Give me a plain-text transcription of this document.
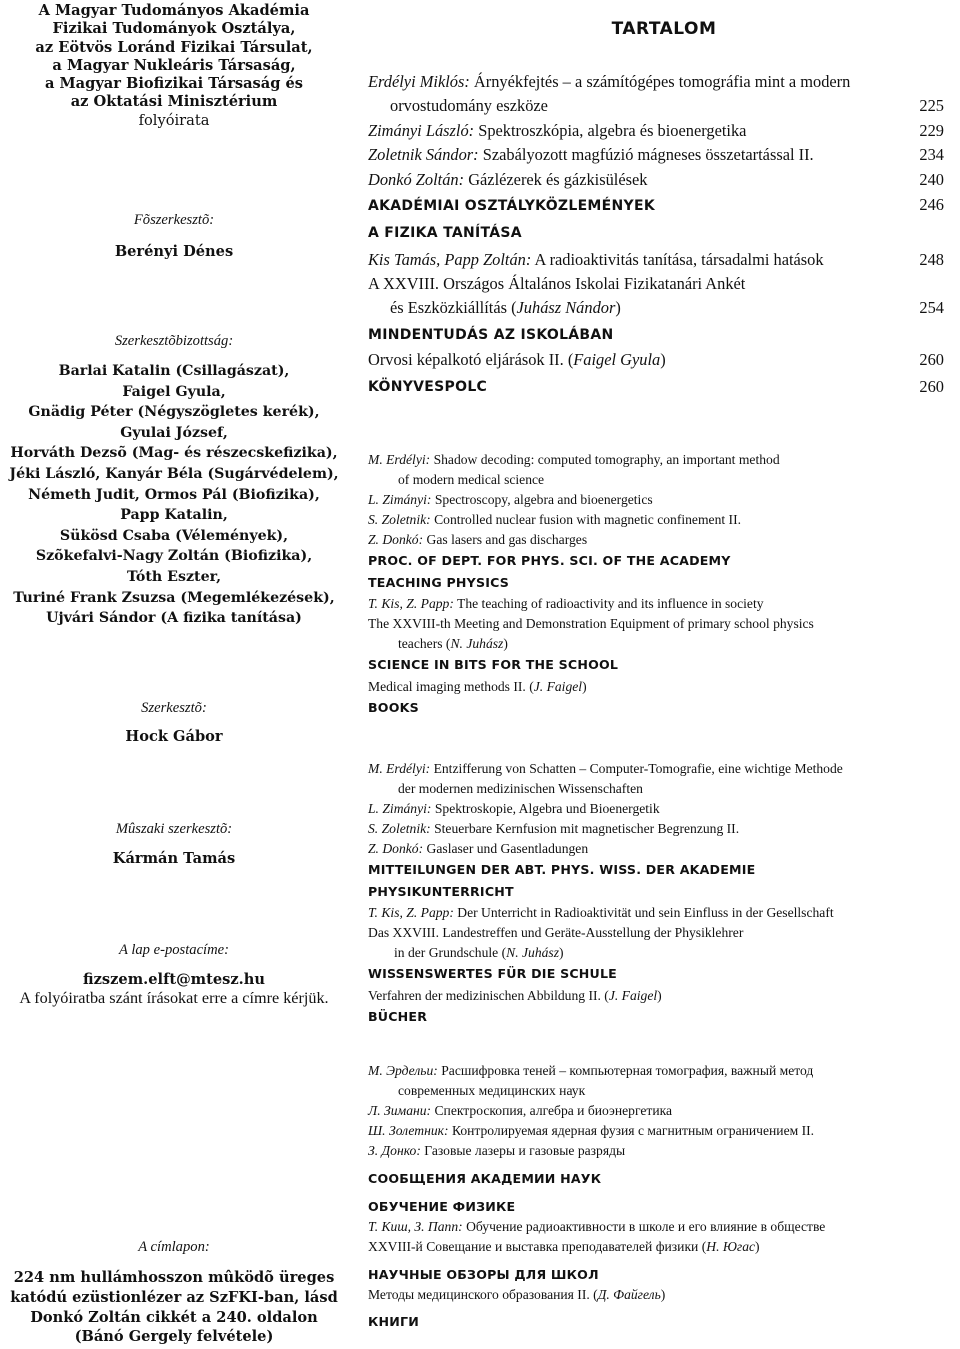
A Magyar Tudományos Akadémia
Fizikai Tudományok Osztálya,
az Eötvös Loránd Fizikai Társulat,
a Magyar Nukleáris Társaság,
a Magyar Biofizikai Társaság és
az Oktatási Minisztérium
folyóirata
Fõszerkesztõ:
Berényi Dénes
Szerkesztõbizottság:
Barlai Katalin (Csillagászat),
Faigel Gyula,
Gnädig Péter (Négyszögletes kerék),
Gyulai József,
Horváth Dezsõ (Mag- és részecskefizika),
Jéki László, Kanyár Béla (Sugárvédelem),
Németh Judit, Ormos Pál (Biofizika),
Papp Katalin,
Sükösd Csaba (Vélemények),
Szõkefalvi-Nagy Zoltán (Biofizika),
Tóth Eszter,
Turiné Frank Zsuzsa (Megemlékezések),
Ujvári Sándor (A fizika tanítása)
Szerkesztõ:
Hock Gábor
Mûszaki szerkesztõ:
Kármán Tamás
A lap e-postacíme:
fizszem.elft@mtesz.hu
A folyóiratba szánt írásokat erre a címre kérjük.
A címlapon:
224 nm hullámhosszon mûködõ üreges
katódú ezüstionlézer az SzFKI-ban, lásd
Donkó Zoltán cikkét a 240. oldalon
(Bánó Gergely felvétele)
TARTALOM
Erdélyi Miklós: Árnyékfejtés – a számítógépes tomográfia mint a modern
orvostudomány eszköze	225
Zimányi László: Spektroszkópia, algebra és bioenergetika	229
Zoletnik Sándor: Szabályozott magfúzió mágneses összetartással II.	234
Donkó Zoltán: Gázlézerek és gázkisülések	240
AKADÉMIAI OSZTÁLYKÖZLEMÉNYEK	246
A FIZIKA TANÍTÁSA
Kis Tamás, Papp Zoltán: A radioaktivitás tanítása, társadalmi hatások	248
A XXVIII. Országos Általános Iskolai Fizikatanári Ankét
és Eszközkiállítás (Juhász Nándor)	254
MINDENTUDÁS AZ ISKOLÁBAN
Orvosi képalkotó eljárások II. (Faigel Gyula)	260
KÖNYVESPOLC	260
M. Erdélyi: Shadow decoding: computed tomography, an important method
of modern medical science
L. Zimányi: Spectroscopy, algebra and bioenergetics
S. Zoletnik: Controlled nuclear fusion with magnetic confinement II.
Z. Donkó: Gas lasers and gas discharges
PROC. OF DEPT. FOR PHYS. SCI. OF THE ACADEMY
TEACHING PHYSICS
T. Kis, Z. Papp: The teaching of radioactivity and its influence in society
The XXVIII-th Meeting and Demonstration Equipment of primary school physics
teachers (N. Juhász)
SCIENCE IN BITS FOR THE SCHOOL
Medical imaging methods II. (J. Faigel)
BOOKS
M. Erdélyi: Entzifferung von Schatten – Computer-Tomografie, eine wichtige Methode
der modernen medizinischen Wissenschaften
L. Zimányi: Spektroskopie, Algebra und Bioenergetik
S. Zoletnik: Steuerbare Kernfusion mit magnetischer Begrenzung II.
Z. Donkó: Gaslaser und Gasentladungen
MITTEILUNGEN DER ABT. PHYS. WISS. DER AKADEMIE
PHYSIKUNTERRICHT
T. Kis, Z. Papp: Der Unterricht in Radioaktivität und sein Einfluss in der Gesellschaft
Das XXVIII. Landestreffen und Geräte-Ausstellung der Physiklehrer
in der Grundschule (N. Juhász)
WISSENSWERTES FÜR DIE SCHULE
Verfahren der medizinischen Abbildung II. (J. Faigel)
BÜCHER
М. Эрдельи: Расшифровка теней – компьютерная томография, важный метод
современных медицинских наук
Л. Зимани: Спектроскопия, алгебра и биоэнергетика
Ш. Золетник: Контролируемая ядерная фузия с магнитным ограничением II.
З. Донко: Газовые лазеры и газовые разряды
СООБЩЕНИЯ АКАДЕМИИ НАУК
ОБУЧЕНИЕ ФИЗИКЕ
Т. Киш, З. Папп: Обучение радиоактивности в школе и его влияние в обществе
XXVIII-й Совещание и выставка преподавателей физики (Н. Югас)
НАУЧНЫЕ ОБЗОРЫ ДЛЯ ШКОЛ
Методы медицинского образования II. (Д. Файгель)
КНИГИ
